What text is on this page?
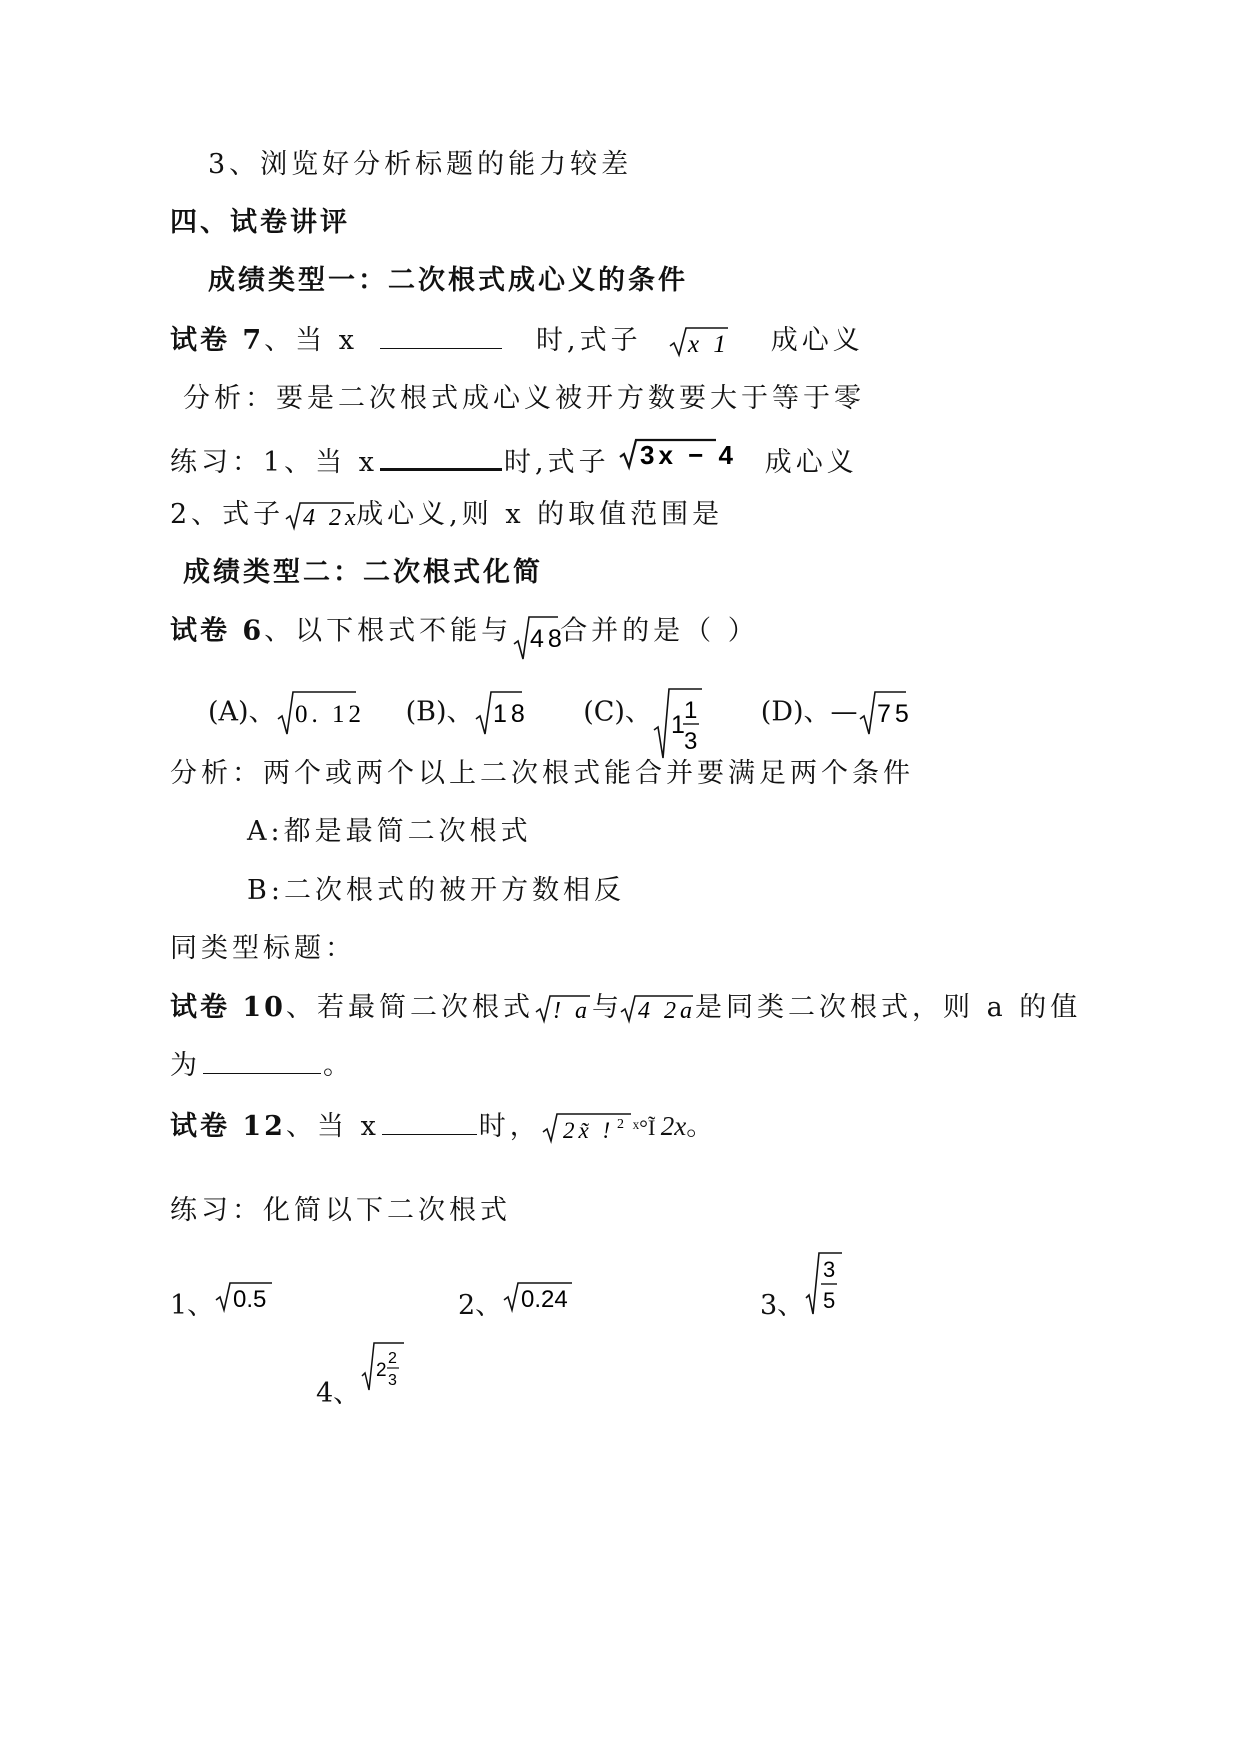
3、浏览好分析标题的能力较差
四、试卷讲评
成绩类型一：二次根式成心义的条件
试卷 7、当 x	时,式子 x 1 成心义
分析：要是二次根式成心义被开方数要大于等于零
练习：1、当 x	时,式子 3x − 4 成心义
2、式子 4 2x
成心义,则 x 的取值范围是
成绩类型二：二次根式化简
试卷 6、以下根式不能与 48
合并的是（ ）
(A)、 0. 12 (B)、 18 (C)、 1
1
3
(D)、— 75
分析：两个或两个以上二次根式能合并要满足两个条件
A:都是最简二次根式
B:二次根式的被开方数相反
同类型标题：
试卷 10、若最简二次根式 ! a 与 4 2a 是同类二次根式，则 a 的值
为	。
试卷 12、当 x	时， 2x̃ ! 2 ˣ°Ĩ 2x。
练习：化简以下二次根式
1、 0.5	2、 0.24	3、
3
5
4、
2
2
3
